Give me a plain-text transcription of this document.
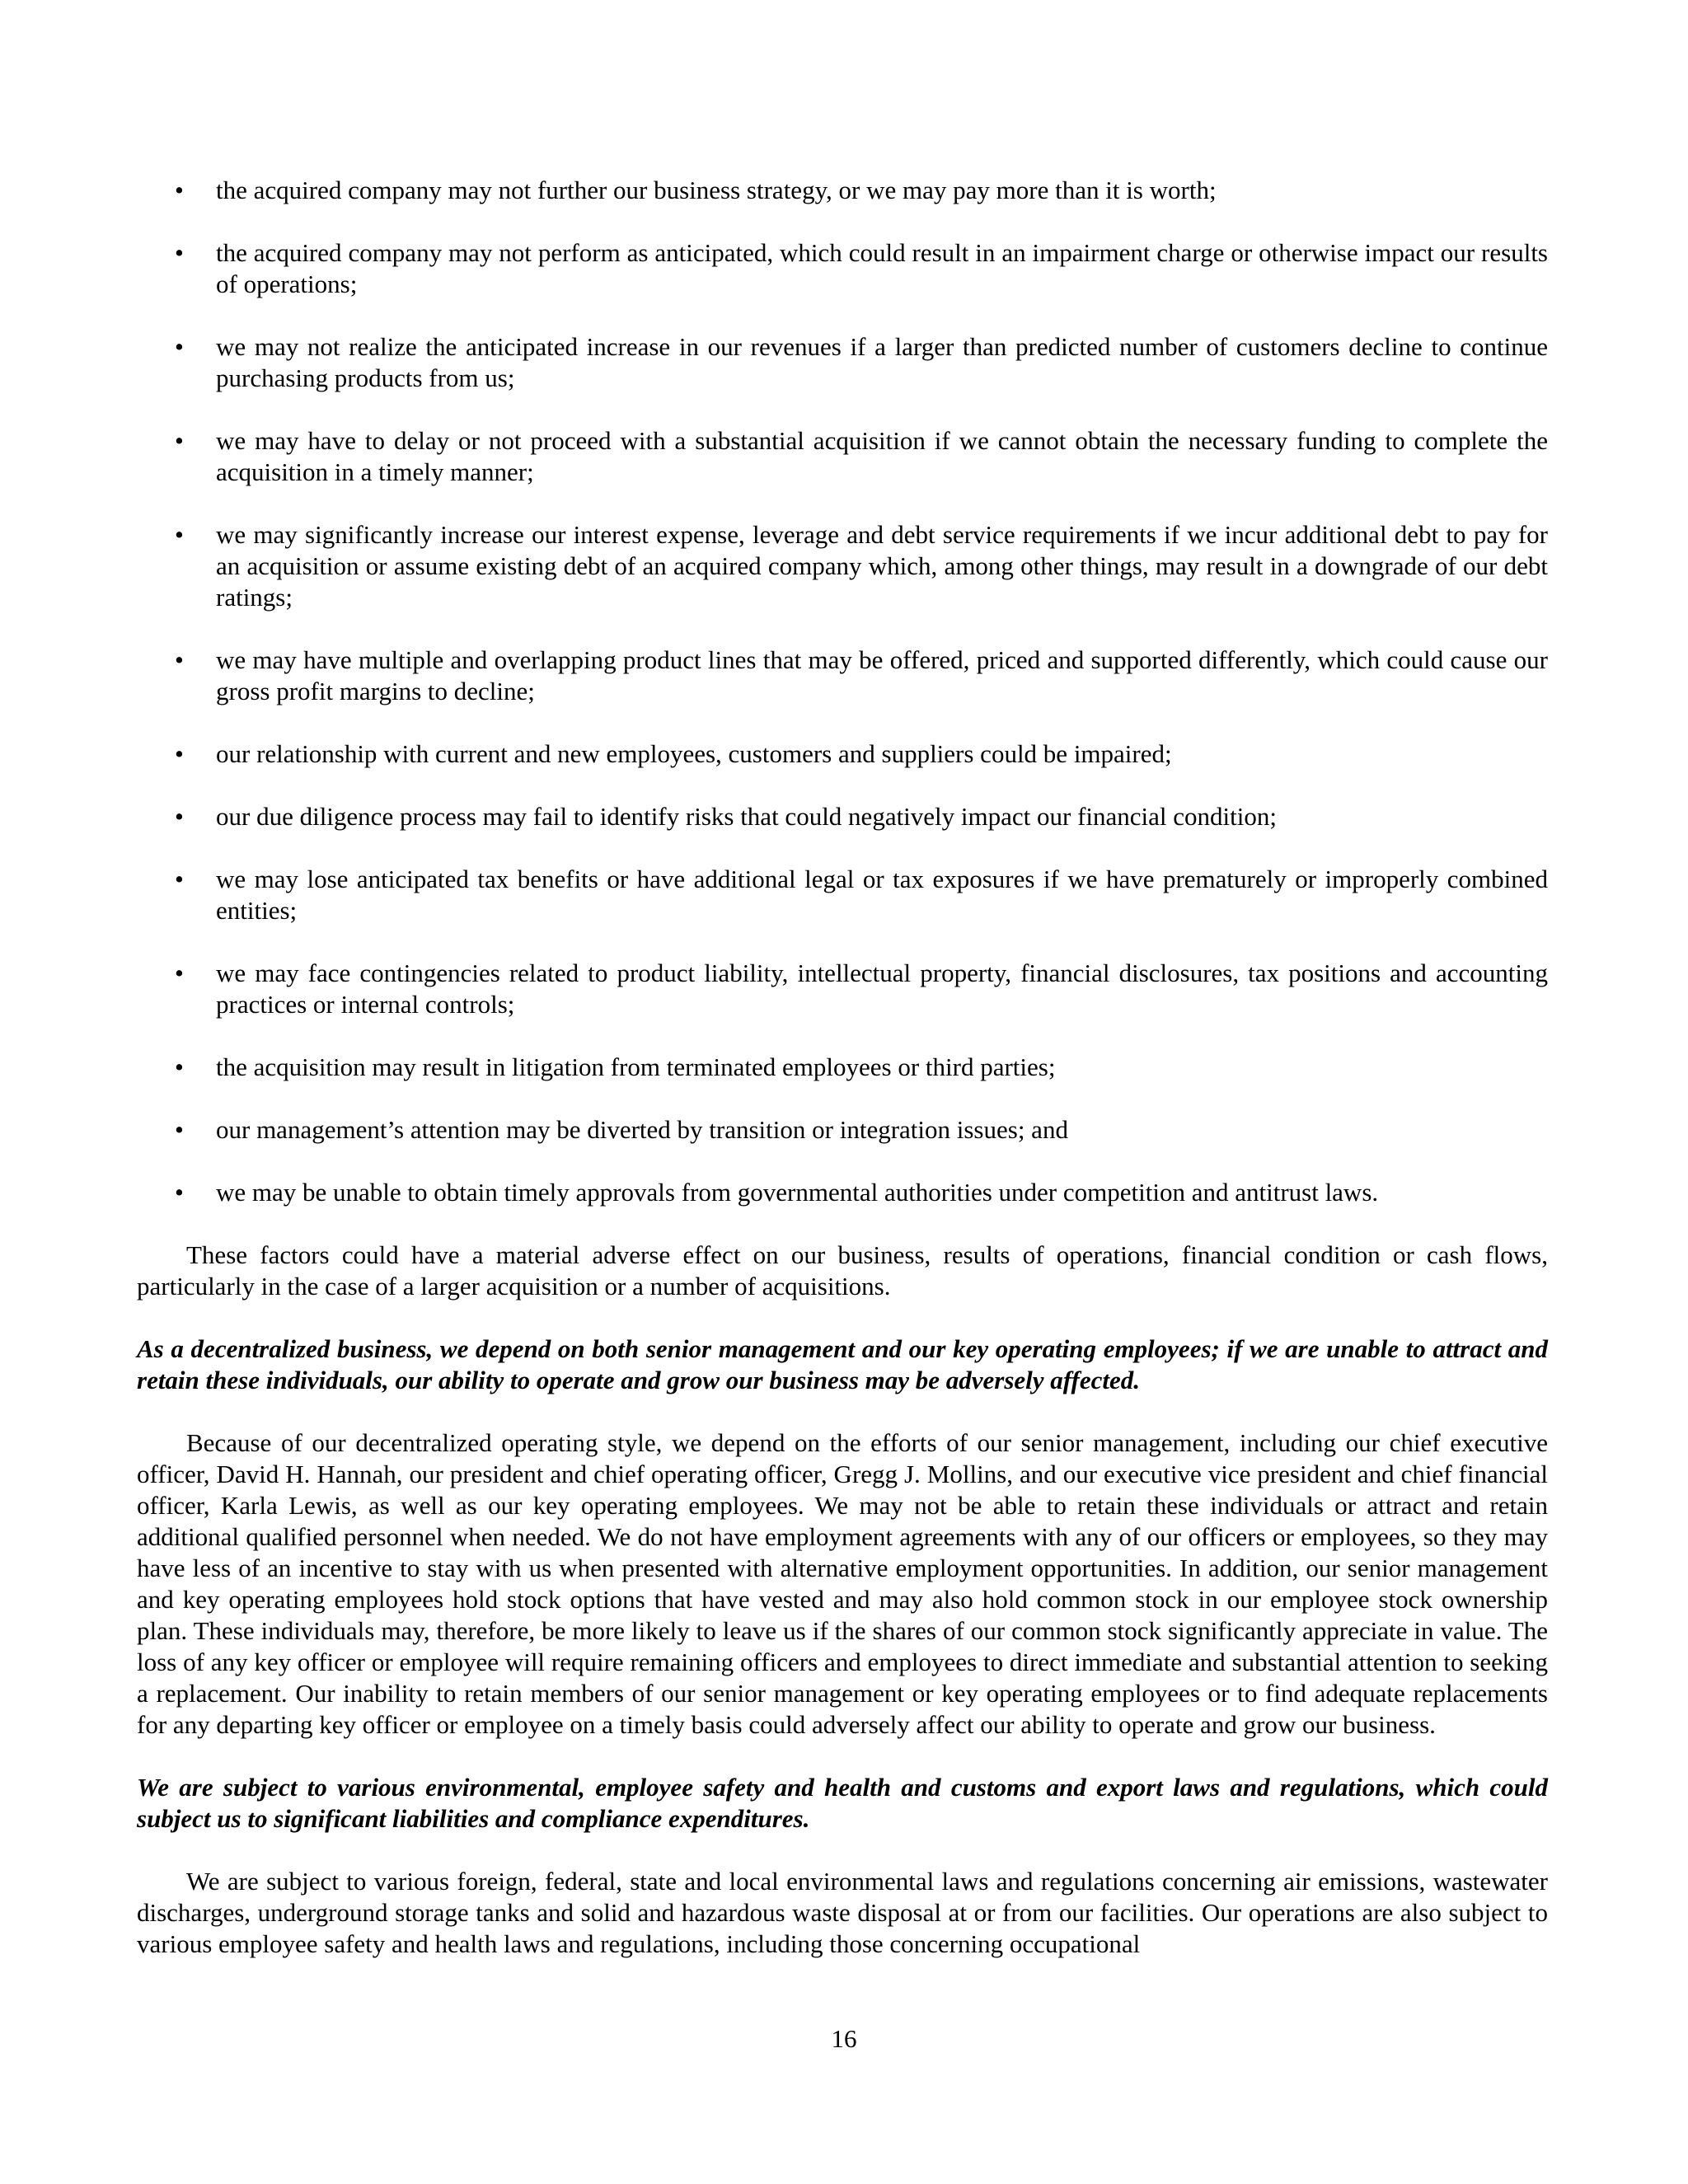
• the acquired company may not further our business strategy, or we may pay more than it is worth;
• the acquired company may not perform as anticipated, which could result in an impairment charge or otherwise impact our results of operations;
• we may not realize the anticipated increase in our revenues if a larger than predicted number of customers decline to continue purchasing products from us;
• we may have to delay or not proceed with a substantial acquisition if we cannot obtain the necessary funding to complete the acquisition in a timely manner;
• we may significantly increase our interest expense, leverage and debt service requirements if we incur additional debt to pay for an acquisition or assume existing debt of an acquired company which, among other things, may result in a downgrade of our debt ratings;
• we may have multiple and overlapping product lines that may be offered, priced and supported differently, which could cause our gross profit margins to decline;
• our relationship with current and new employees, customers and suppliers could be impaired;
• our due diligence process may fail to identify risks that could negatively impact our financial condition;
• we may lose anticipated tax benefits or have additional legal or tax exposures if we have prematurely or improperly combined entities;
• we may face contingencies related to product liability, intellectual property, financial disclosures, tax positions and accounting practices or internal controls;
• the acquisition may result in litigation from terminated employees or third parties;
• our management’s attention may be diverted by transition or integration issues; and
• we may be unable to obtain timely approvals from governmental authorities under competition and antitrust laws.

These factors could have a material adverse effect on our business, results of operations, financial condition or cash flows, particularly in the case of a larger acquisition or a number of acquisitions.

As a decentralized business, we depend on both senior management and our key operating employees; if we are unable to attract and retain these individuals, our ability to operate and grow our business may be adversely affected.

Because of our decentralized operating style, we depend on the efforts of our senior management, including our chief executive officer, David H. Hannah, our president and chief operating officer, Gregg J. Mollins, and our executive vice president and chief financial officer, Karla Lewis, as well as our key operating employees. We may not be able to retain these individuals or attract and retain additional qualified personnel when needed. We do not have employment agreements with any of our officers or employees, so they may have less of an incentive to stay with us when presented with alternative employment opportunities. In addition, our senior management and key operating employees hold stock options that have vested and may also hold common stock in our employee stock ownership plan. These individuals may, therefore, be more likely to leave us if the shares of our common stock significantly appreciate in value. The loss of any key officer or employee will require remaining officers and employees to direct immediate and substantial attention to seeking a replacement. Our inability to retain members of our senior management or key operating employees or to find adequate replacements for any departing key officer or employee on a timely basis could adversely affect our ability to operate and grow our business.

We are subject to various environmental, employee safety and health and customs and export laws and regulations, which could subject us to significant liabilities and compliance expenditures.

We are subject to various foreign, federal, state and local environmental laws and regulations concerning air emissions, wastewater discharges, underground storage tanks and solid and hazardous waste disposal at or from our facilities. Our operations are also subject to various employee safety and health laws and regulations, including those concerning occupational

16
